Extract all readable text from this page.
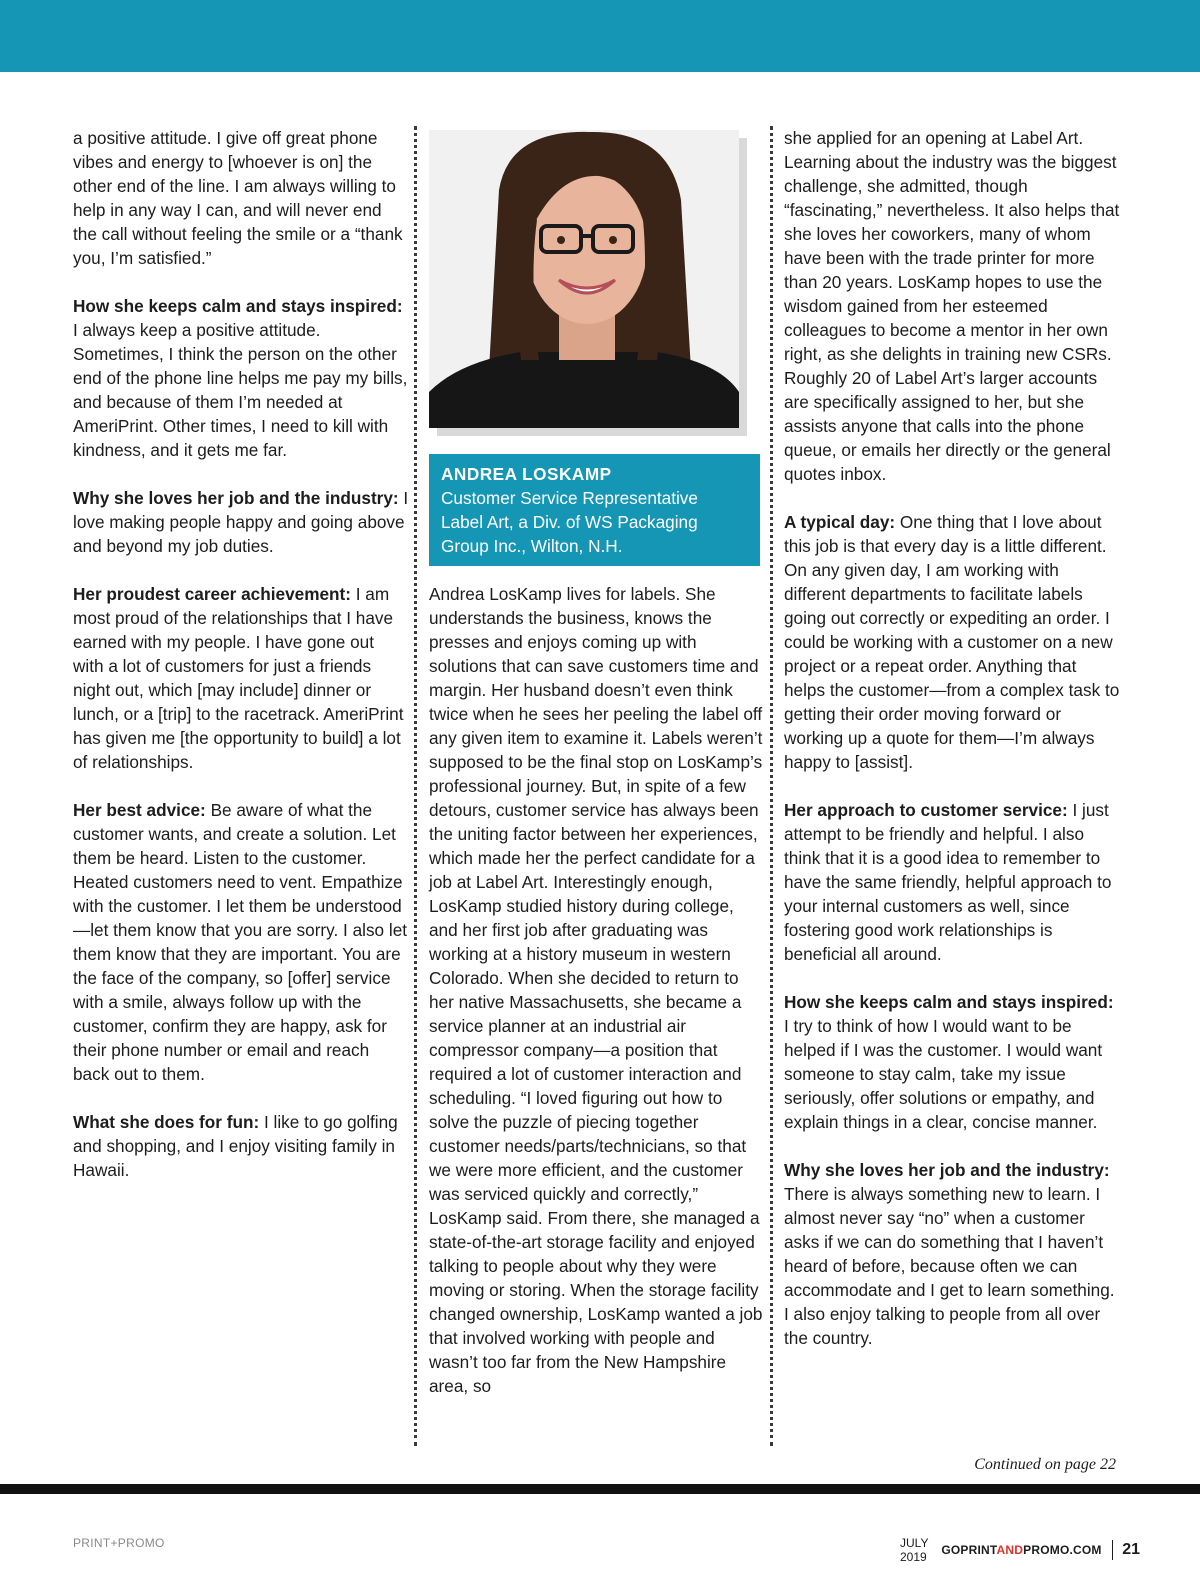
a positive attitude. I give off great phone vibes and energy to [whoever is on] the other end of the line. I am always willing to help in any way I can, and will never end the call without feeling the smile or a “thank you, I’m satisfied.”

How she keeps calm and stays inspired: I always keep a positive attitude. Sometimes, I think the person on the other end of the phone line helps me pay my bills, and because of them I’m needed at AmeriPrint. Other times, I need to kill with kindness, and it gets me far.

Why she loves her job and the industry: I love making people happy and going above and beyond my job duties.

Her proudest career achievement: I am most proud of the relationships that I have earned with my people. I have gone out with a lot of customers for just a friends night out, which [may include] dinner or lunch, or a [trip] to the racetrack. AmeriPrint has given me [the opportunity to build] a lot of relationships.

Her best advice: Be aware of what the customer wants, and create a solution. Let them be heard. Listen to the customer. Heated customers need to vent. Empathize with the customer. I let them be understood—let them know that you are sorry. I also let them know that they are important. You are the face of the company, so [offer] service with a smile, always follow up with the customer, confirm they are happy, ask for their phone number or email and reach back out to them.

What she does for fun: I like to go golfing and shopping, and I enjoy visiting family in Hawaii.

ANDREA LOSKAMP
Customer Service Representative
Label Art, a Div. of WS Packaging Group Inc., Wilton, N.H.

Andrea LosKamp lives for labels. She understands the business, knows the presses and enjoys coming up with solutions that can save customers time and margin. Her husband doesn’t even think twice when he sees her peeling the label off any given item to examine it. Labels weren’t supposed to be the final stop on LosKamp’s professional journey. But, in spite of a few detours, customer service has always been the uniting factor between her experiences, which made her the perfect candidate for a job at Label Art. Interestingly enough, LosKamp studied history during college, and her first job after graduating was working at a history museum in western Colorado. When she decided to return to her native Massachusetts, she became a service planner at an industrial air compressor company—a position that required a lot of customer interaction and scheduling. “I loved figuring out how to solve the puzzle of piecing together customer needs/parts/technicians, so that we were more efficient, and the customer was serviced quickly and correctly,” LosKamp said. From there, she managed a state-of-the-art storage facility and enjoyed talking to people about why they were moving or storing. When the storage facility changed ownership, LosKamp wanted a job that involved working with people and wasn’t too far from the New Hampshire area, so

she applied for an opening at Label Art. Learning about the industry was the biggest challenge, she admitted, though “fascinating,” nevertheless. It also helps that she loves her coworkers, many of whom have been with the trade printer for more than 20 years. LosKamp hopes to use the wisdom gained from her esteemed colleagues to become a mentor in her own right, as she delights in training new CSRs. Roughly 20 of Label Art’s larger accounts are specifically assigned to her, but she assists anyone that calls into the phone queue, or emails her directly or the general quotes inbox.

A typical day: One thing that I love about this job is that every day is a little different. On any given day, I am working with different departments to facilitate labels going out correctly or expediting an order. I could be working with a customer on a new project or a repeat order. Anything that helps the customer—from a complex task to getting their order moving forward or working up a quote for them—I’m always happy to [assist].

Her approach to customer service: I just attempt to be friendly and helpful. I also think that it is a good idea to remember to have the same friendly, helpful approach to your internal customers as well, since fostering good work relationships is beneficial all around.

How she keeps calm and stays inspired: I try to think of how I would want to be helped if I was the customer. I would want someone to stay calm, take my issue seriously, offer solutions or empathy, and explain things in a clear, concise manner.

Why she loves her job and the industry: There is always something new to learn. I almost never say “no” when a customer asks if we can do something that I haven’t heard of before, because often we can accommodate and I get to learn something. I also enjoy talking to people from all over the country.

Continued on page 22
PRINT+PROMO	JULY 2019	GOPRINTANDPROMO.COM 21
